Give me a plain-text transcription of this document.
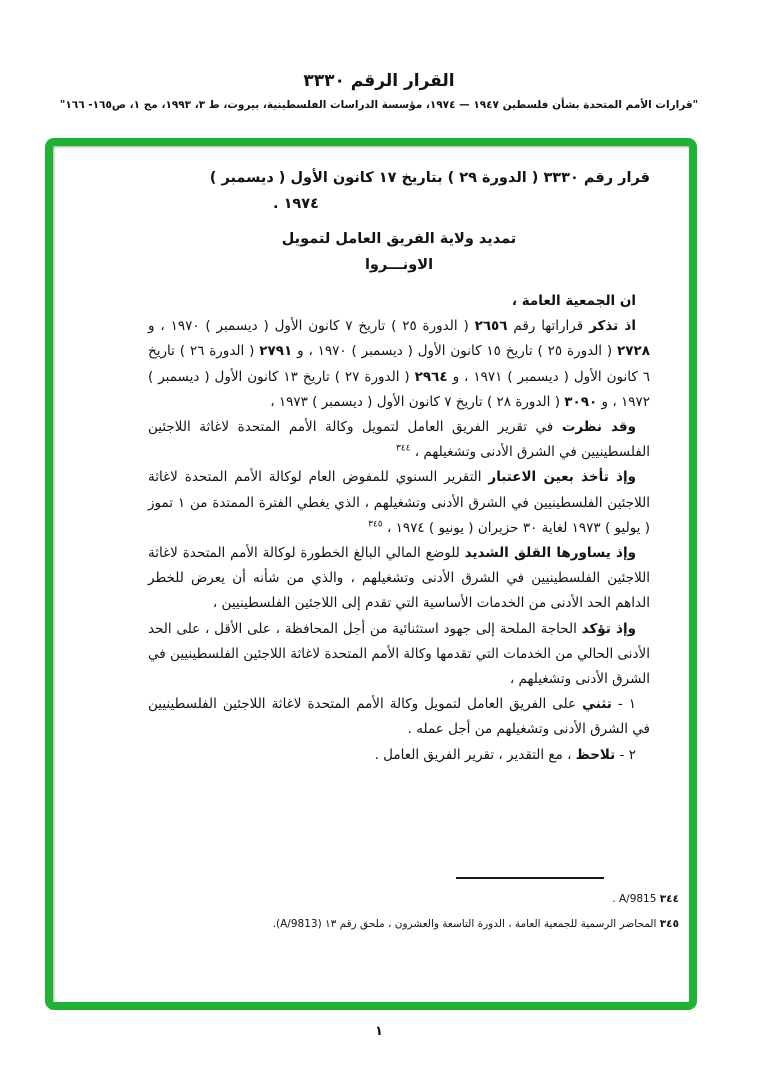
القرار الرقم ٣٣٣٠
"قرارات الأمم المتحدة بشأن فلسطين ١٩٤٧ — ١٩٧٤، مؤسسة الدراسات الفلسطينية، بيروت، ط ٣، ١٩٩٣، مج ١، ص١٦٥- ١٦٦"
قرار رقم ٣٣٣٠ ( الدورة ٢٩ ) بتاريخ ١٧ كانون الأول ( ديسمبر )
١٩٧٤ .
تمديد ولاية الفريق العامل لتمويل
الاونـــروا

ان الجمعية العامة ،

اذ تذكر قراراتها رقم ٢٦٥٦ ( الدورة ٢٥ ) تاريخ ٧ كانون الأول ( ديسمبر ) ١٩٧٠ ، و ٢٧٢٨ ( الدورة ٢٥ ) تاريخ ١٥ كانون الأول ( ديسمبر ) ١٩٧٠ ، و ٢٧٩١ ( الدورة ٢٦ ) تاريخ ٦ كانون الأول ( ديسمبر ) ١٩٧١ ، و ٢٩٦٤ ( الدورة ٢٧ ) تاريخ ١٣ كانون الأول ( ديسمبر ) ١٩٧٢ ، و ٣٠٩٠ ( الدورة ٢٨ ) تاريخ ٧ كانون الأول ( ديسمبر ) ١٩٧٣ ،

وقد نظرت في تقرير الفريق العامل لتمويل وكالة الأمم المتحدة لاغاثة اللاجئين الفلسطينيين في الشرق الأدنى وتشغيلهم ، $^{٣٤٤}$

وإذ تأخذ بعين الاعتبار التقرير السنوي للمفوض العام لوكالة الأمم المتحدة لاغاثة اللاجئين الفلسطينيين في الشرق الأدنى وتشغيلهم ، الذي يغطي الفترة الممتدة من ١ تموز ( يوليو ) ١٩٧٣ لغاية ٣٠ حزيران ( يونيو ) ١٩٧٤ ، $^{٣٤٥}$

وإذ يساورها القلق الشديد للوضع المالي البالغ الخطورة لوكالة الأمم المتحدة لاغاثة اللاجئين الفلسطينيين في الشرق الأدنى وتشغيلهم ، والذي من شأنه أن يعرض للخطر الداهم الحد الأدنى من الخدمات الأساسية التي تقدم إلى اللاجئين الفلسطينيين ،

وإذ تؤكد الحاجة الملحة إلى جهود استثنائية من أجل المحافظة ، على الأقل ، على الحد الأدنى الحالي من الخدمات التي تقدمها وكالة الأمم المتحدة لاغاثة اللاجئين الفلسطينيين في الشرق الأدنى وتشغيلهم ،

١ - تثني على الفريق العامل لتمويل وكالة الأمم المتحدة لاغاثة اللاجئين الفلسطينيين في الشرق الأدنى وتشغيلهم من أجل عمله .

٢ - تلاحظ ، مع التقدير ، تقرير الفريق العامل .

٣٤٤ A/9815 .
٣٤٥ المحاضر الرسمية للجمعية العامة ، الدورة التاسعة والعشرون ، ملحق رقم ١٣ (A/9813).
١
